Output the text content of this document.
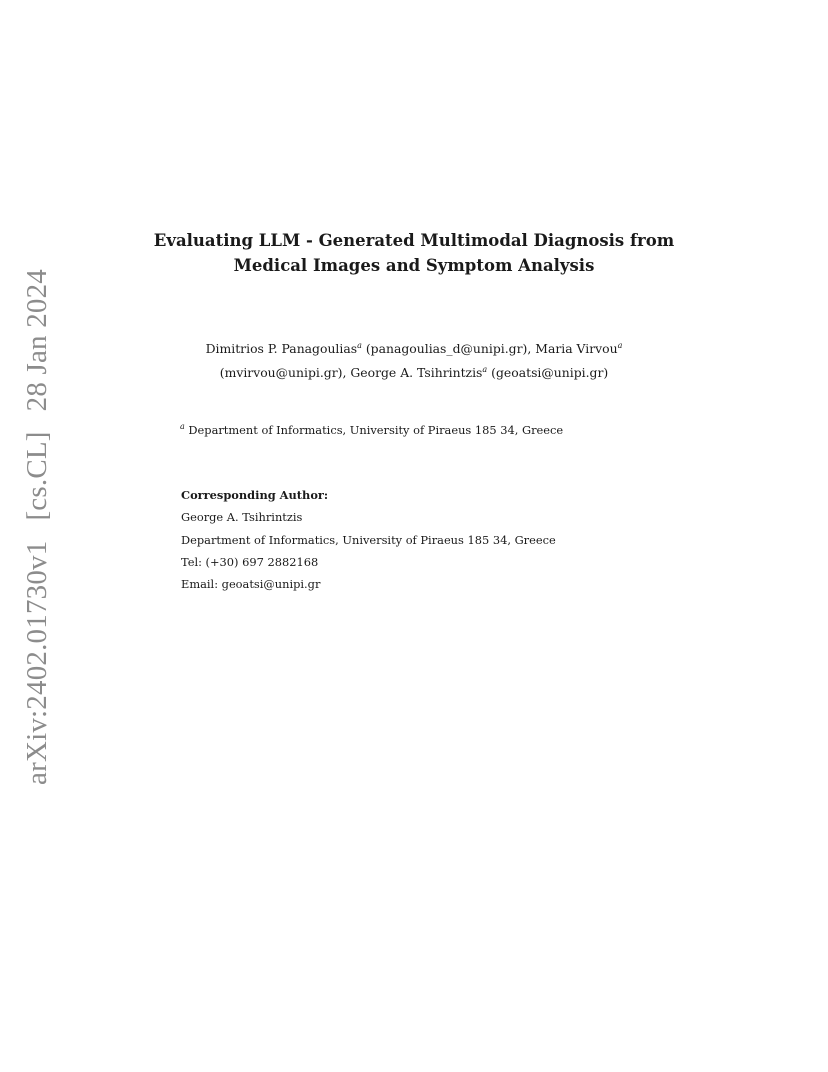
arXiv:2402.01730v1
[cs.CL]
28 Jan 2024
Evaluating LLM - Generated Multimodal Diagnosis from
Medical Images and Symptom Analysis
Dimitrios P. Panagoulias$^a$ (panagoulias_d@unipi.gr), Maria Virvou$^a$
(mvirvou@unipi.gr), George A. Tsihrintzis$^a$ (geoatsi@unipi.gr)
$^a$ Department of Informatics, University of Piraeus 185 34, Greece
Corresponding Author:
George A. Tsihrintzis
Department of Informatics, University of Piraeus 185 34, Greece
Tel: (+30) 697 2882168
Email: geoatsi@unipi.gr
